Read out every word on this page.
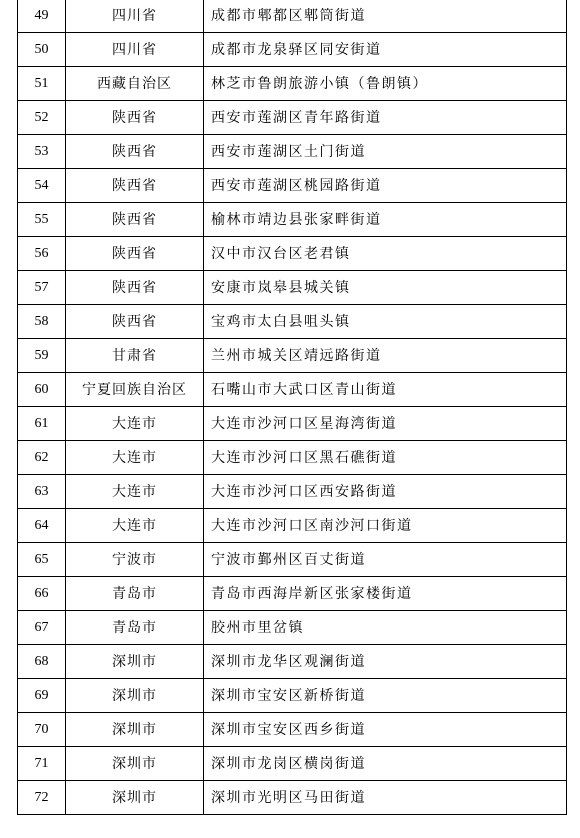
49	四川省	成都市郫都区郫筒街道
50	四川省	成都市龙泉驿区同安街道
51	西藏自治区	林芝市鲁朗旅游小镇（鲁朗镇）
52	陕西省	西安市莲湖区青年路街道
53	陕西省	西安市莲湖区土门街道
54	陕西省	西安市莲湖区桃园路街道
55	陕西省	榆林市靖边县张家畔街道
56	陕西省	汉中市汉台区老君镇
57	陕西省	安康市岚皋县城关镇
58	陕西省	宝鸡市太白县咀头镇
59	甘肃省	兰州市城关区靖远路街道
60	宁夏回族自治区	石嘴山市大武口区青山街道
61	大连市	大连市沙河口区星海湾街道
62	大连市	大连市沙河口区黑石礁街道
63	大连市	大连市沙河口区西安路街道
64	大连市	大连市沙河口区南沙河口街道
65	宁波市	宁波市鄞州区百丈街道
66	青岛市	青岛市西海岸新区张家楼街道
67	青岛市	胶州市里岔镇
68	深圳市	深圳市龙华区观澜街道
69	深圳市	深圳市宝安区新桥街道
70	深圳市	深圳市宝安区西乡街道
71	深圳市	深圳市龙岗区横岗街道
72	深圳市	深圳市光明区马田街道
